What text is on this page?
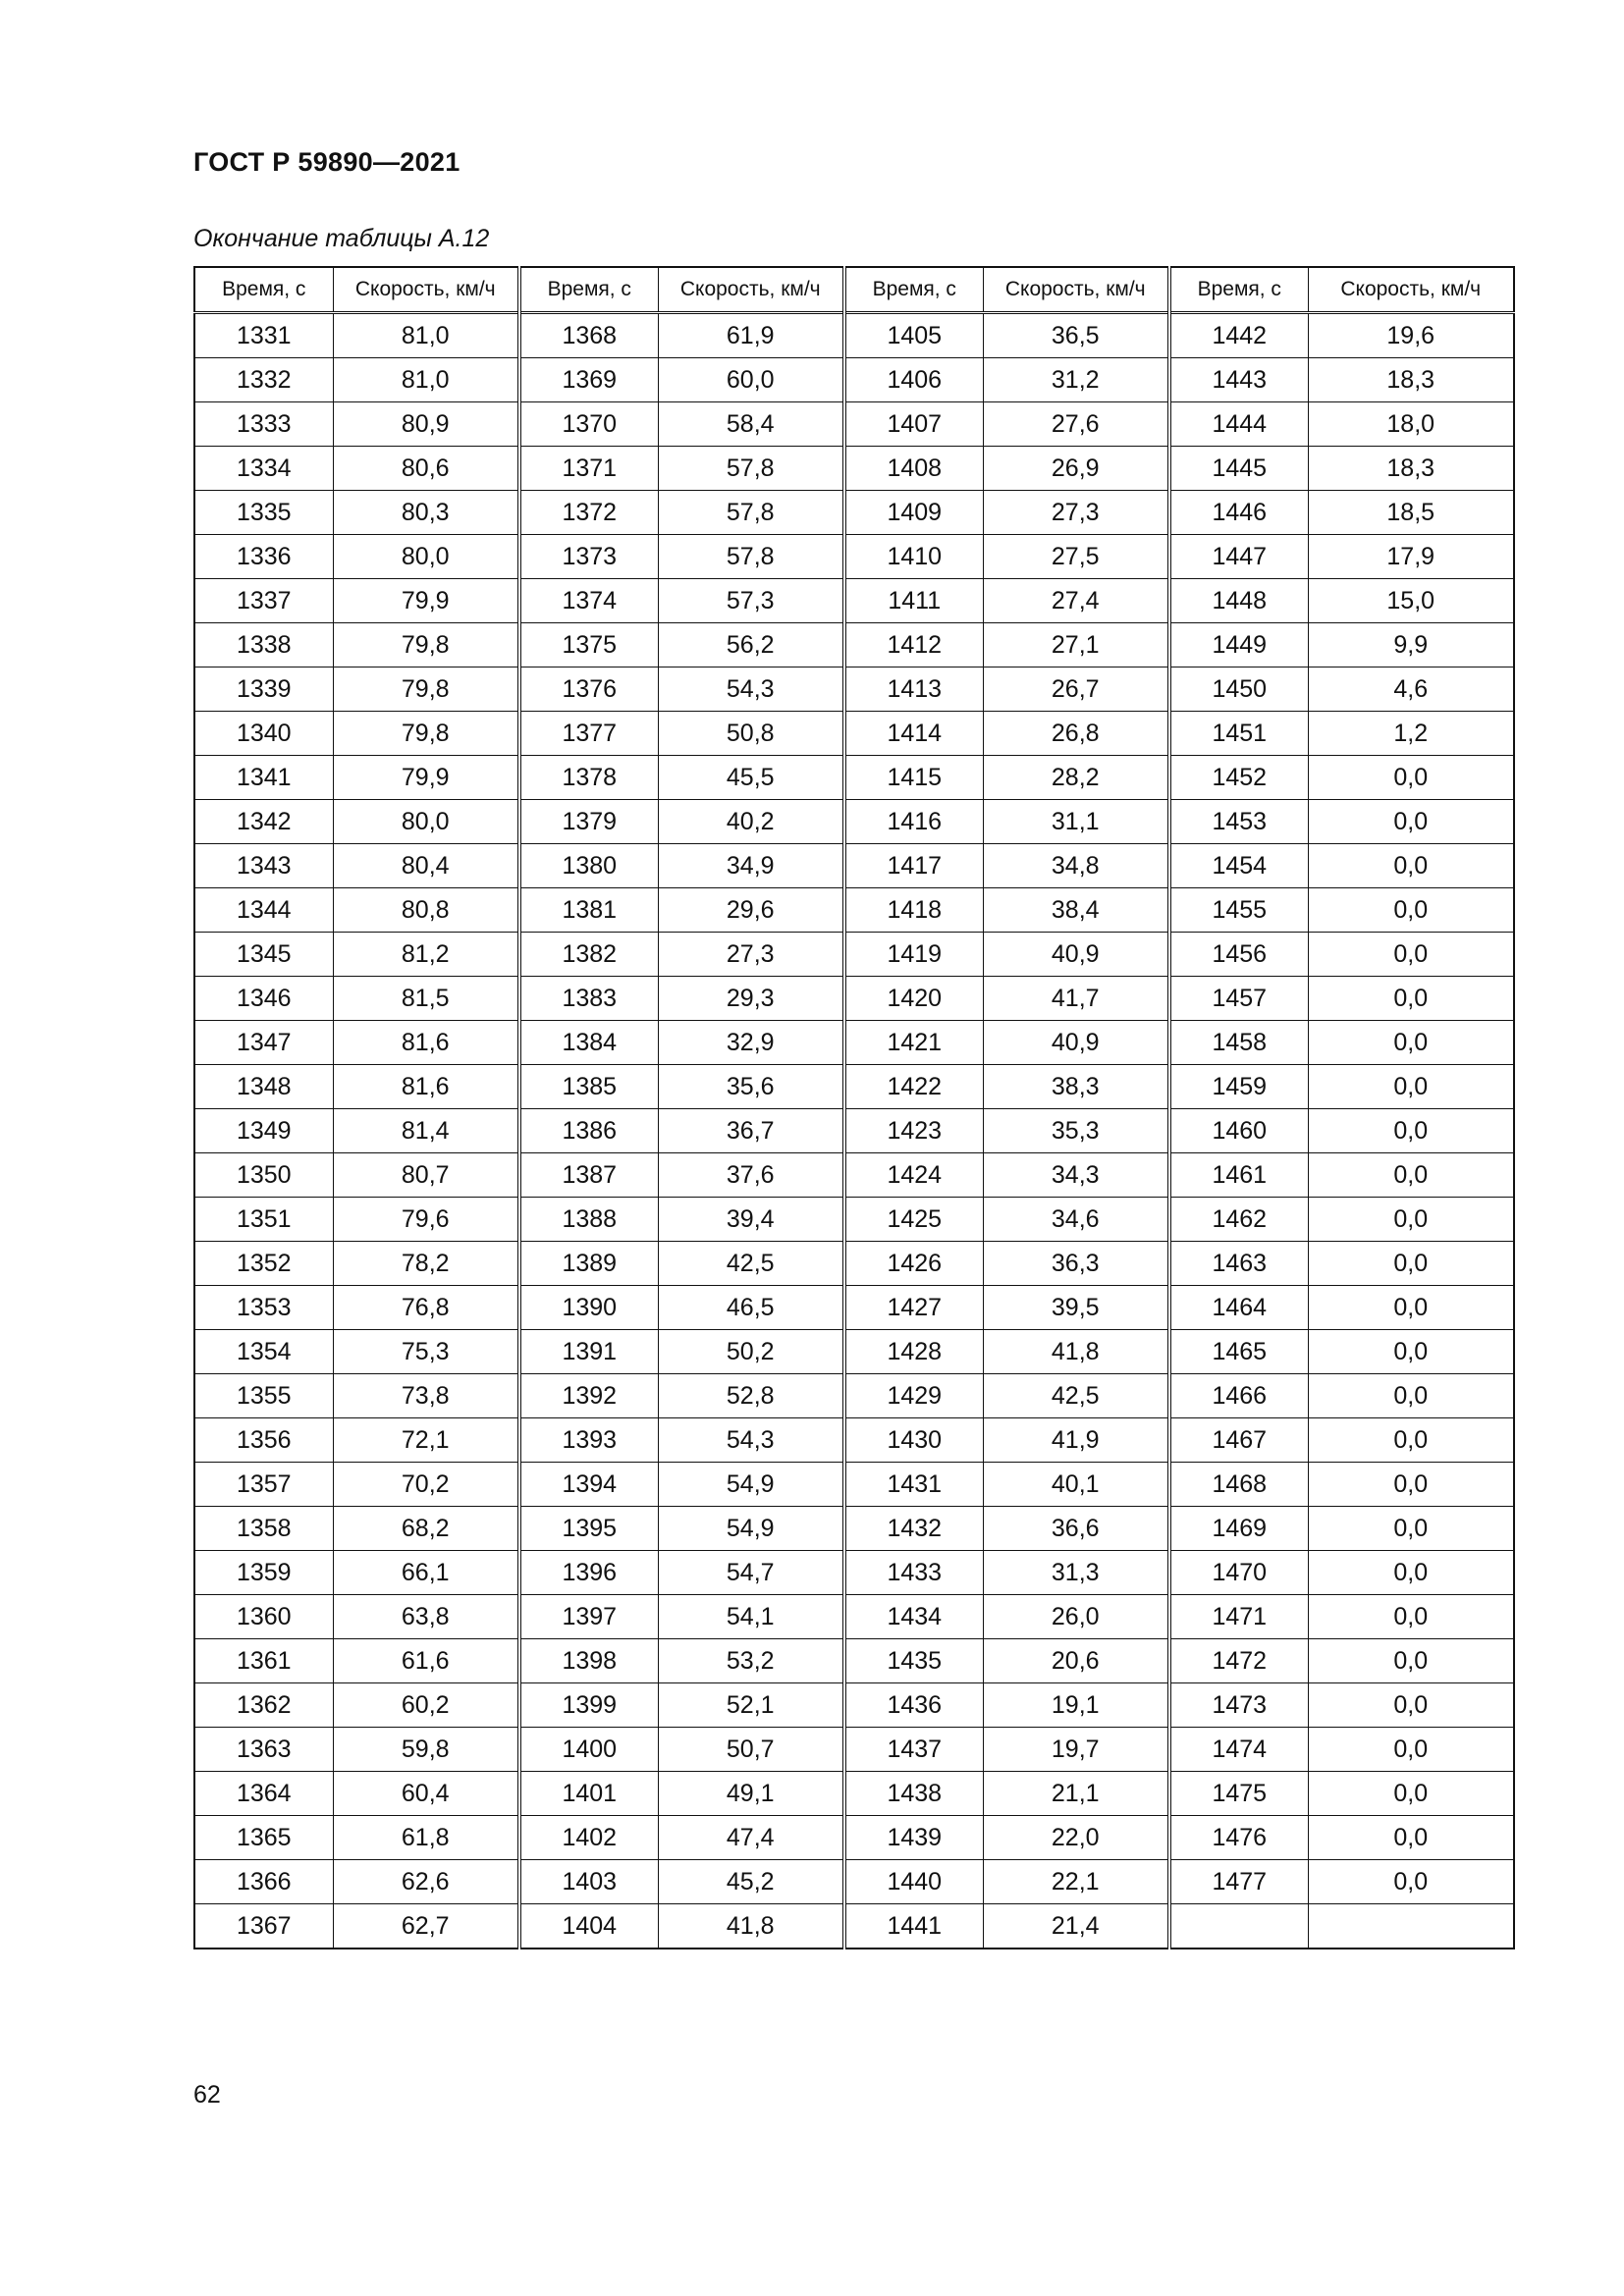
ГОСТ Р 59890—2021
Окончание таблицы А.12
Время, с	Скорость, км/ч	Время, с	Скорость, км/ч	Время, с	Скорость, км/ч	Время, с	Скорость, км/ч
1331	81,0	1368	61,9	1405	36,5	1442	19,6
1332	81,0	1369	60,0	1406	31,2	1443	18,3
1333	80,9	1370	58,4	1407	27,6	1444	18,0
1334	80,6	1371	57,8	1408	26,9	1445	18,3
1335	80,3	1372	57,8	1409	27,3	1446	18,5
1336	80,0	1373	57,8	1410	27,5	1447	17,9
1337	79,9	1374	57,3	1411	27,4	1448	15,0
1338	79,8	1375	56,2	1412	27,1	1449	9,9
1339	79,8	1376	54,3	1413	26,7	1450	4,6
1340	79,8	1377	50,8	1414	26,8	1451	1,2
1341	79,9	1378	45,5	1415	28,2	1452	0,0
1342	80,0	1379	40,2	1416	31,1	1453	0,0
1343	80,4	1380	34,9	1417	34,8	1454	0,0
1344	80,8	1381	29,6	1418	38,4	1455	0,0
1345	81,2	1382	27,3	1419	40,9	1456	0,0
1346	81,5	1383	29,3	1420	41,7	1457	0,0
1347	81,6	1384	32,9	1421	40,9	1458	0,0
1348	81,6	1385	35,6	1422	38,3	1459	0,0
1349	81,4	1386	36,7	1423	35,3	1460	0,0
1350	80,7	1387	37,6	1424	34,3	1461	0,0
1351	79,6	1388	39,4	1425	34,6	1462	0,0
1352	78,2	1389	42,5	1426	36,3	1463	0,0
1353	76,8	1390	46,5	1427	39,5	1464	0,0
1354	75,3	1391	50,2	1428	41,8	1465	0,0
1355	73,8	1392	52,8	1429	42,5	1466	0,0
1356	72,1	1393	54,3	1430	41,9	1467	0,0
1357	70,2	1394	54,9	1431	40,1	1468	0,0
1358	68,2	1395	54,9	1432	36,6	1469	0,0
1359	66,1	1396	54,7	1433	31,3	1470	0,0
1360	63,8	1397	54,1	1434	26,0	1471	0,0
1361	61,6	1398	53,2	1435	20,6	1472	0,0
1362	60,2	1399	52,1	1436	19,1	1473	0,0
1363	59,8	1400	50,7	1437	19,7	1474	0,0
1364	60,4	1401	49,1	1438	21,1	1475	0,0
1365	61,8	1402	47,4	1439	22,0	1476	0,0
1366	62,6	1403	45,2	1440	22,1	1477	0,0
1367	62,7	1404	41,8	1441	21,4		
62
